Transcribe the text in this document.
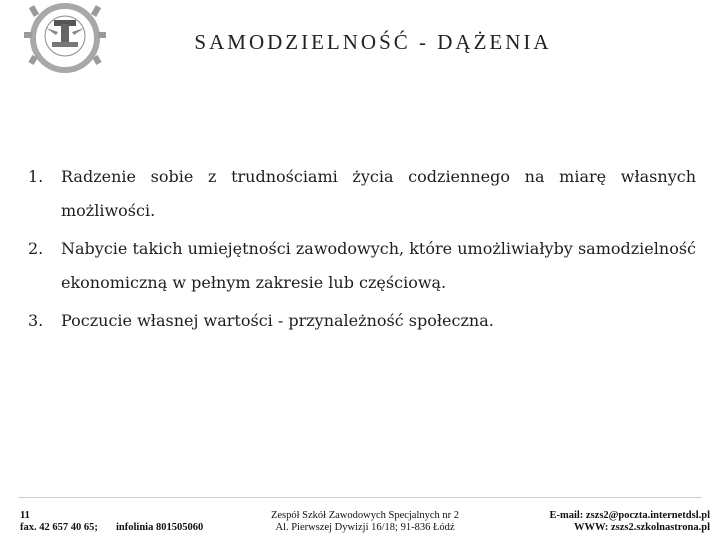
SAMODZIELNOŚĆ - DĄŻENIA
1. Radzenie sobie z trudnościami życia codziennego na miarę własnych możliwości.
2. Nabycie takich umiejętności zawodowych, które umożliwiałyby samodzielność ekonomiczną w pełnym zakresie lub częściową.
3. Poczucie własnej wartości - przynależność społeczna.
11
fax. 42 657 40 65; infolinia 801505060
Zespół Szkół Zawodowych Specjalnych nr 2
Al. Pierwszej Dywizji 16/18; 91-836 Łódź
E-mail: zszs2@poczta.internetdsl.pl
WWW: zszs2.szkolnastrona.pl
